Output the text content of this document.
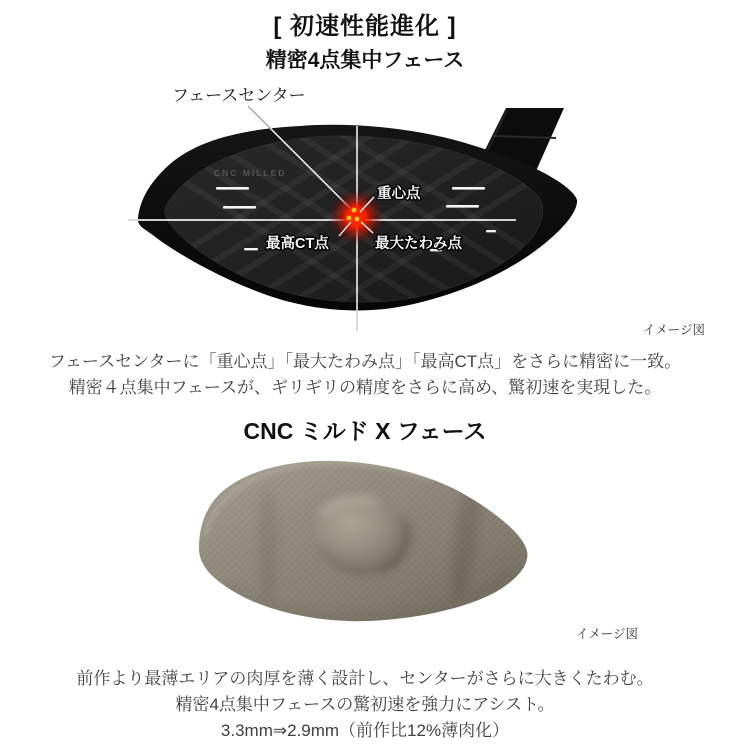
[ 初速性能進化 ]
精密4点集中フェース
CNC MILLED
重心点
最高CT点	最大たわみ点
フェースセンター
イメージ図
フェースセンターに「重心点」「最大たわみ点」「最高CT点」をさらに精密に一致。
精密４点集中フェースが、ギリギリの精度をさらに高め、驚初速を実現した。
CNC ミルド X フェース
イメージ図
前作より最薄エリアの肉厚を薄く設計し、センターがさらに大きくたわむ。
精密4点集中フェースの驚初速を強力にアシスト。
3.3mm⇒2.9mm（前作比12%薄肉化）
